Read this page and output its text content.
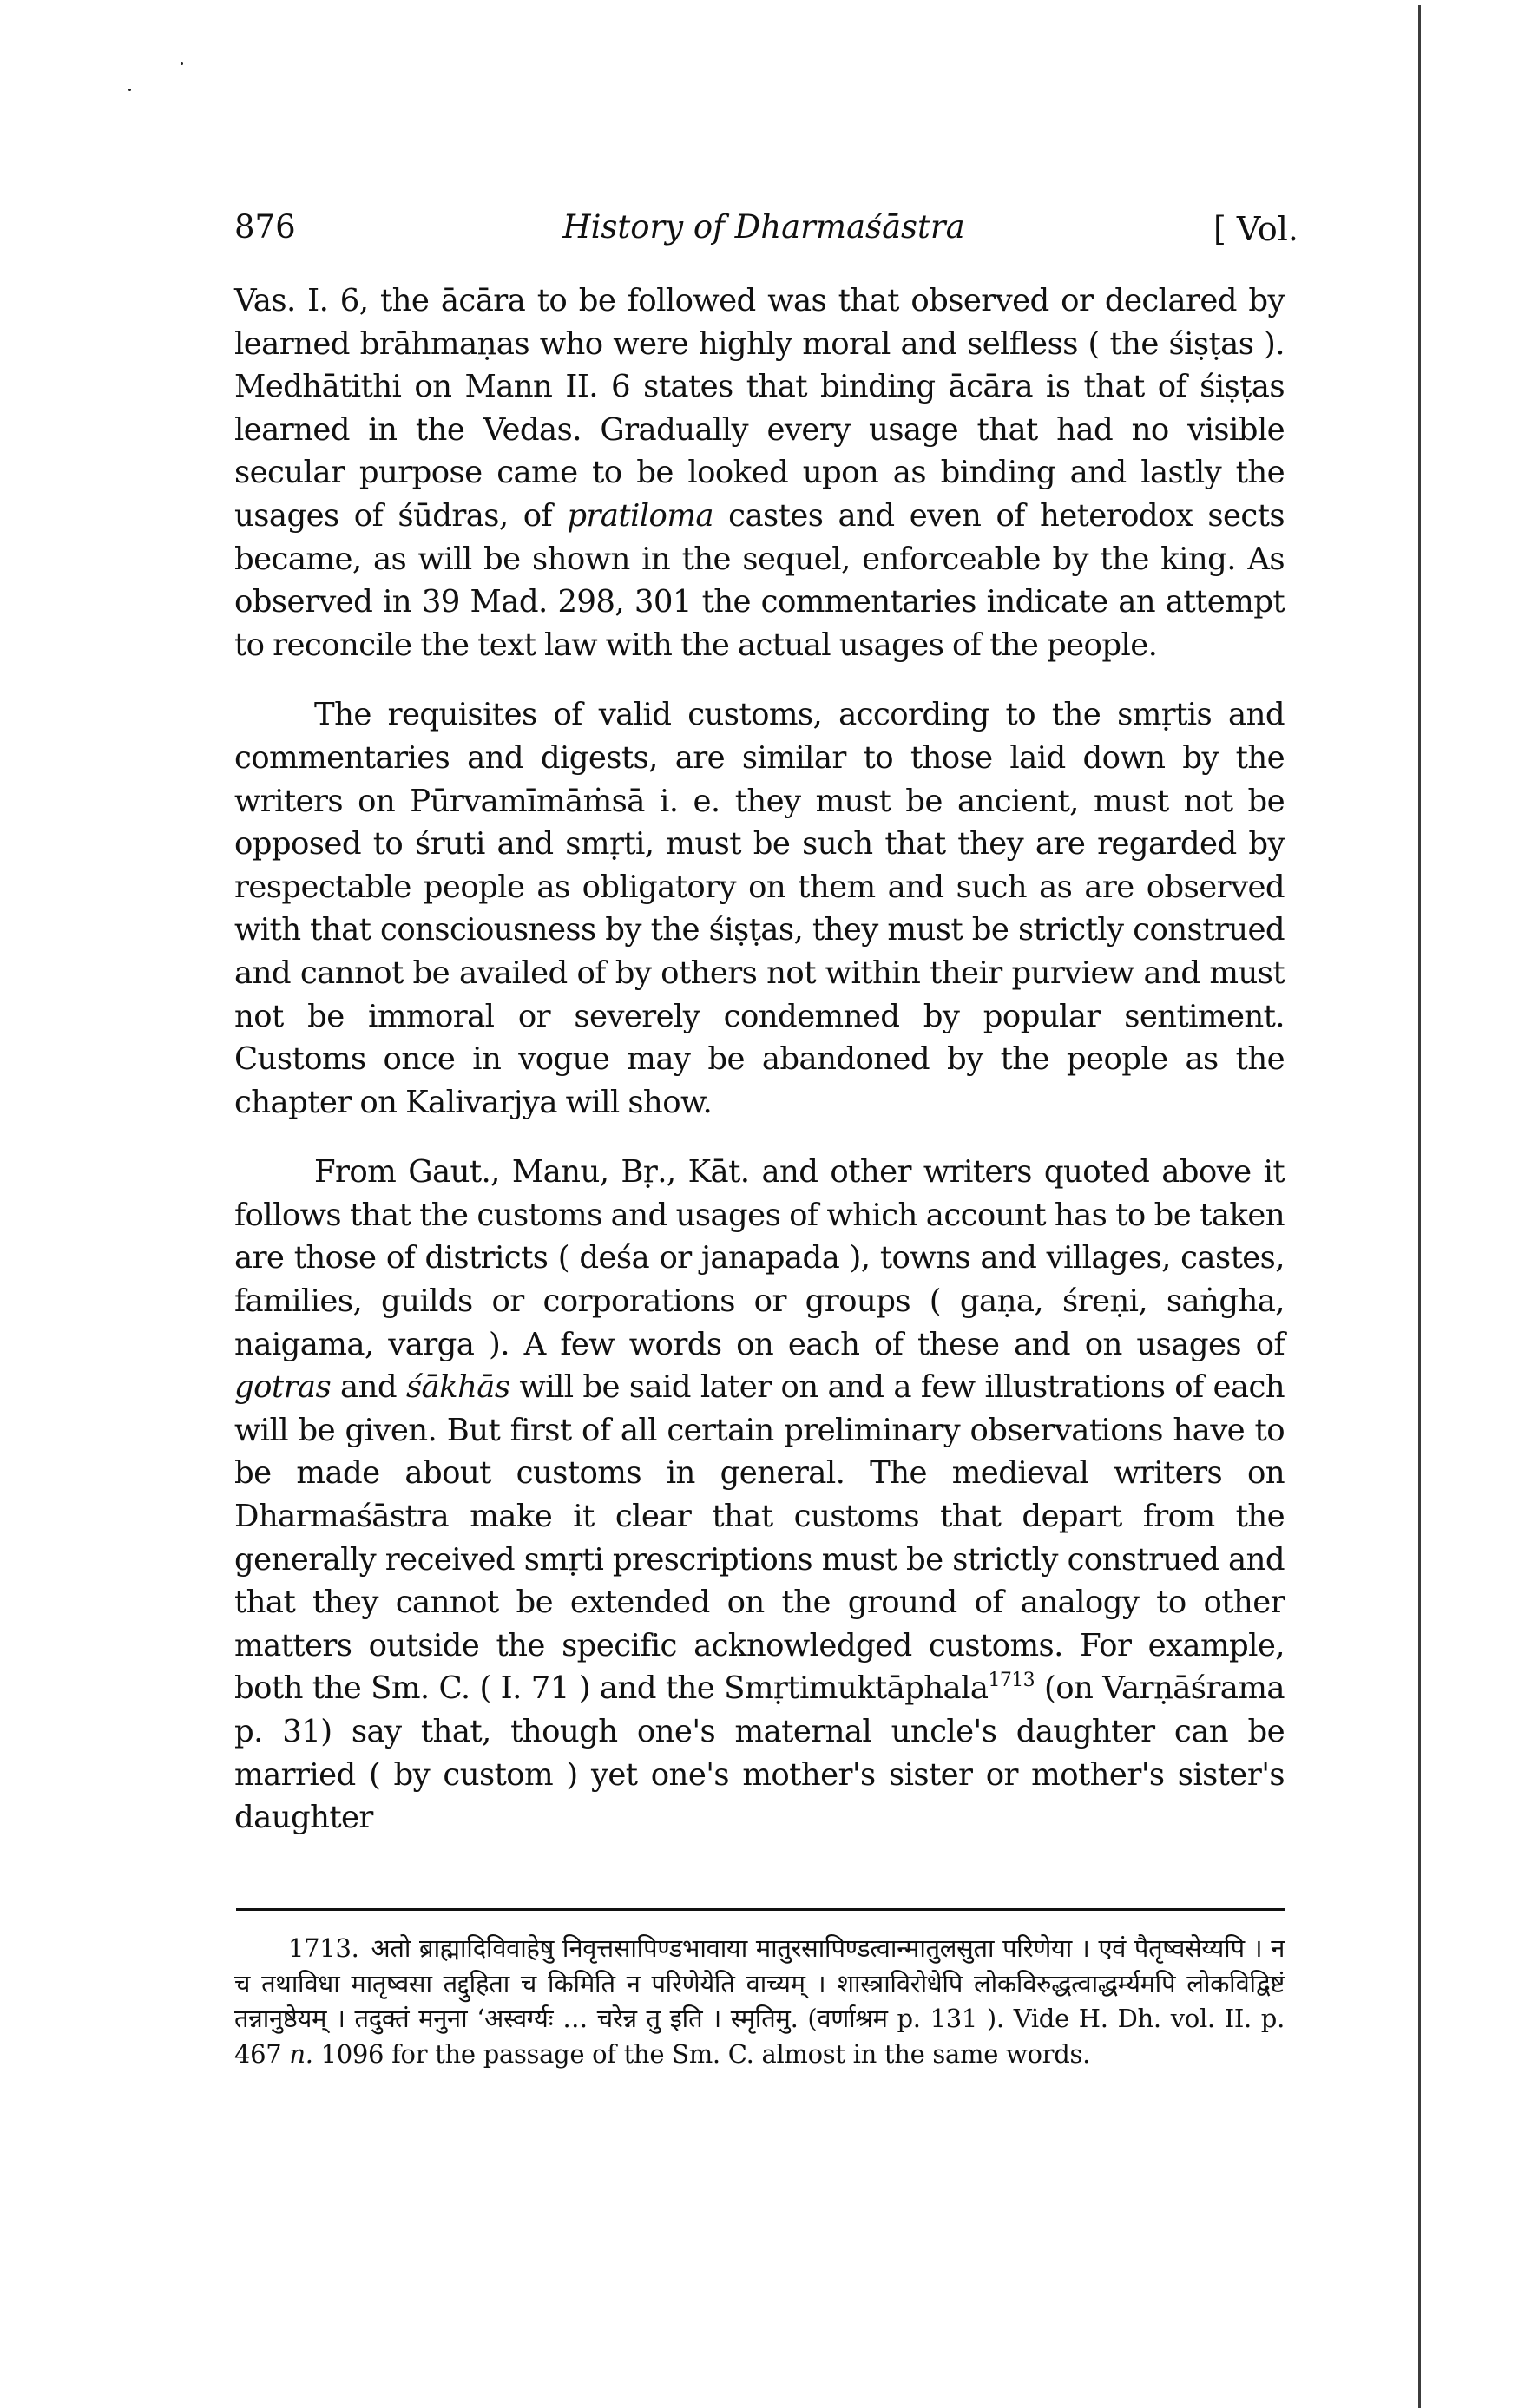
876	History of Dharmaśāstra	[ Vol.

Vas. I. 6, the ācāra to be followed was that observed or declared by learned brāhmaṇas who were highly moral and selfless ( the śiṣṭas ). Medhātithi on Mann II. 6 states that binding ācāra is that of śiṣṭas learned in the Vedas. Gradually every usage that had no visible secular purpose came to be looked upon as binding and lastly the usages of śūdras, of pratiloma castes and even of heterodox sects became, as will be shown in the sequel, enforceable by the king. As observed in 39 Mad. 298, 301 the commentaries indicate an attempt to reconcile the text law with the actual usages of the people.

The requisites of valid customs, according to the smṛtis and commentaries and digests, are similar to those laid down by the writers on Pūrvamīmāṁsā i. e. they must be ancient, must not be opposed to śruti and smṛti, must be such that they are regarded by respectable people as obligatory on them and such as are observed with that consciousness by the śiṣṭas, they must be strictly construed and cannot be availed of by others not within their purview and must not be immoral or severely condemned by popular sentiment. Customs once in vogue may be abandoned by the people as the chapter on Kalivarjya will show.

From Gaut., Manu, Bṛ., Kāt. and other writers quoted above it follows that the customs and usages of which account has to be taken are those of districts ( deśa or janapada ), towns and villages, castes, families, guilds or corporations or groups ( gaṇa, śreṇi, saṅgha, naigama, varga ). A few words on each of these and on usages of gotras and śākhās will be said later on and a few illustrations of each will be given. But first of all certain preliminary observations have to be made about customs in general. The medieval writers on Dharmaśāstra make it clear that customs that depart from the generally received smṛti prescriptions must be strictly construed and that they cannot be extended on the ground of analogy to other matters outside the specific acknowledged customs. For example, both the Sm. C. ( I. 71 ) and the Smṛtimuktāphala$^{1713}$ (on Varṇāśrama p. 31) say that, though one's maternal uncle's daughter can be married ( by custom ) yet one's mother's sister or mother's sister's daughter

1713. अतो ब्राह्मादिविवाहेषु निवृत्तसापिण्डभावाया मातुरसापिण्डत्वान्मातुलसुता परिणेया । एवं पैतृष्वसेय्यपि । न च तथाविधा मातृष्वसा तद्दुहिता च किमिति न परिणेयेति वाच्यम् । शास्त्राविरोधेपि लोकविरुद्धत्वाद्धर्म्यमपि लोकविद्विष्टं तन्नानुष्ठेयम् । तदुक्तं मनुना ‘अस्वर्ग्यः … चरेन्न तु इति । स्मृतिमु. (वर्णाश्रम p. 131 ). Vide H. Dh. vol. II. p. 467 n. 1096 for the passage of the Sm. C. almost in the same words.
